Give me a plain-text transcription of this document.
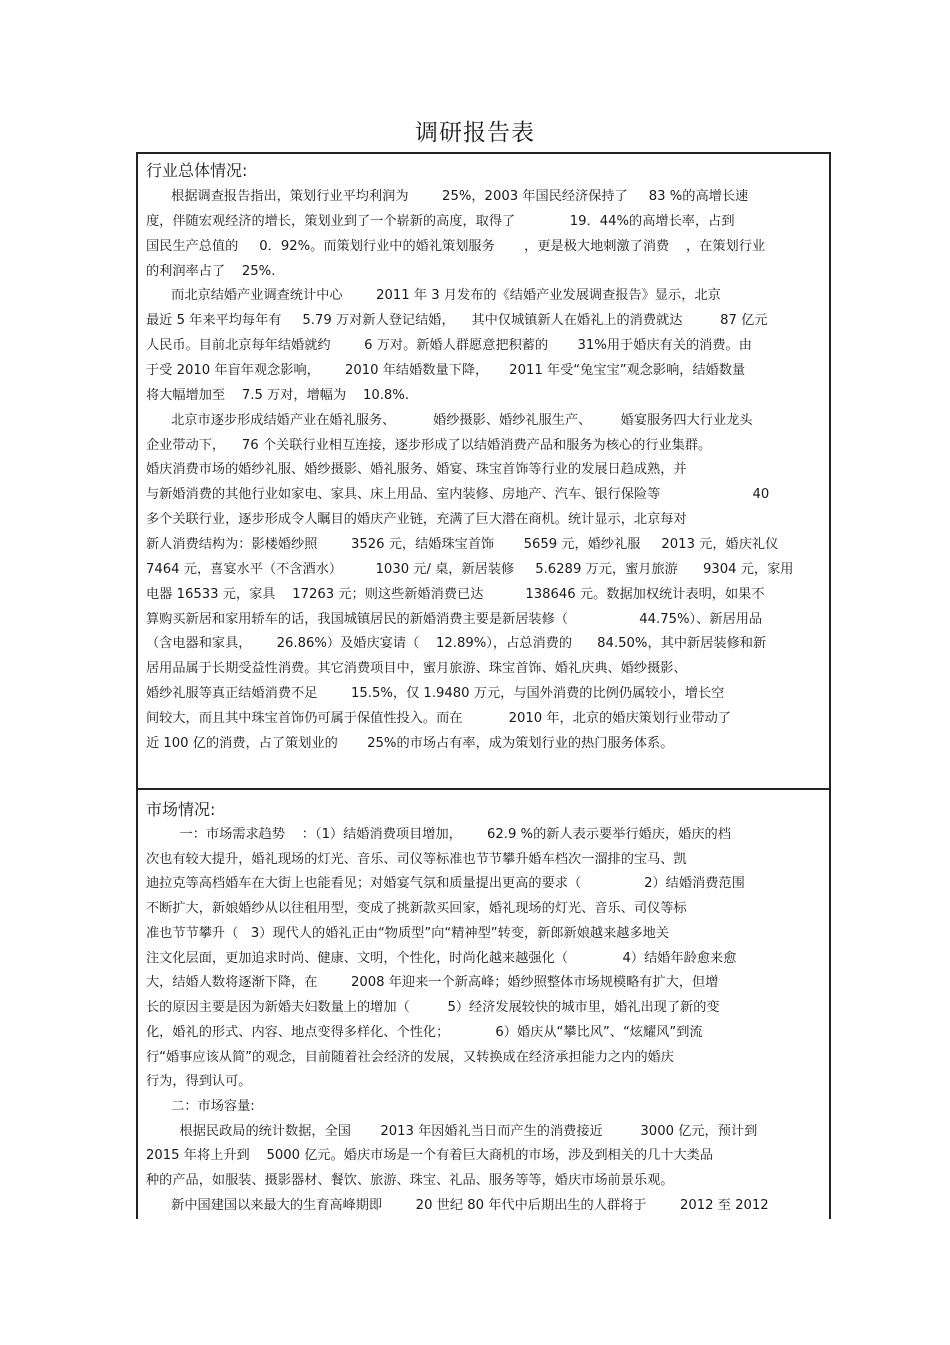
调研报告表
行业总体情况:
根据调查报告指出，策划行业平均利润为        25%，2003 年国民经济保持了     83 %的高增长速
度，伴随宏观经济的增长，策划业到了一个崭新的高度，取得了             19．44%的高增长率，占到
国民生产总值的     0．92%。而策划行业中的婚礼策划服务       ，更是极大地刺激了消费    ，在策划行业
的利润率占了    25%.
而北京结婚产业调查统计中心        2011 年 3 月发布的《结婚产业发展调查报告》显示，北京
最近 5 年来平均每年有     5.79 万对新人登记结婚，    其中仅城镇新人在婚礼上的消费就达         87 亿元
人民币。目前北京每年结婚就约        6 万对。新婚人群愿意把积蓄的       31%用于婚庆有关的消费。由
于受 2010 年盲年观念影响，      2010 年结婚数量下降，     2011 年受“兔宝宝”观念影响，结婚数量
将大幅增加至    7.5 万对，增幅为    10.8%.
北京市逐步形成结婚产业在婚礼服务、         婚纱摄影、婚纱礼服生产、       婚宴服务四大行业龙头
企业带动下，    76 个关联行业相互连接，逐步形成了以结婚消费产品和服务为核心的行业集群。
婚庆消费市场的婚纱礼服、婚纱摄影、婚礼服务、婚宴、珠宝首饰等行业的发展日趋成熟，并
与新婚消费的其他行业如家电、家具、床上用品、室内装修、房地产、汽车、银行保险等                      40
多个关联行业，逐步形成令人瞩目的婚庆产业链，充满了巨大潜在商机。统计显示，北京每对
新人消费结构为：影楼婚纱照        3526 元，结婚珠宝首饰       5659 元，婚纱礼服     2013 元，婚庆礼仪
7464 元，喜宴水平（不含酒水）        1030 元/ 桌，新居装修     5.6289 万元，蜜月旅游      9304 元，家用
电器 16533 元，家具    17263 元；则这些新婚消费已达          138646 元。数据加权统计表明，如果不
算购买新居和家用轿车的话，我国城镇居民的新婚消费主要是新居装修（                 44.75%）、新居用品
（含电器和家具，      26.86%）及婚庆宴请（    12.89%），占总消费的      84.50%，其中新居装修和新
居用品属于长期受益性消费。其它消费项目中，蜜月旅游、珠宝首饰、婚礼庆典、婚纱摄影、
婚纱礼服等真正结婚消费不足        15.5%，仅 1.9480 万元，与国外消费的比例仍属较小，增长空
间较大，而且其中珠宝首饰仍可属于保值性投入。而在           2010 年，北京的婚庆策划行业带动了
近 100 亿的消费，占了策划业的       25%的市场占有率，成为策划行业的热门服务体系。
市场情况:
一：市场需求趋势    ：（1）结婚消费项目增加，      62.9 %的新人表示要举行婚庆，婚庆的档
次也有较大提升，婚礼现场的灯光、音乐、司仪等标准也节节攀升婚车档次一溜排的宝马、凯
迪拉克等高档婚车在大街上也能看见；对婚宴气氛和质量提出更高的要求（               2）结婚消费范围
不断扩大，新娘婚纱从以往租用型，变成了挑新款买回家，婚礼现场的灯光、音乐、司仪等标
准也节节攀升（   3）现代人的婚礼正由“物质型”向“精神型”转变，新郎新娘越来越多地关
注文化层面，更加追求时尚、健康、文明，个性化，时尚化越来越强化（             4）结婚年龄愈来愈
大，结婚人数将逐渐下降，在        2008 年迎来一个新高峰；婚纱照整体市场规模略有扩大，但增
长的原因主要是因为新婚夫妇数量上的增加（         5）经济发展较快的城市里，婚礼出现了新的变
化，婚礼的形式、内容、地点变得多样化、个性化；           6）婚庆从“攀比风”、“炫耀风”到流
行“婚事应该从简”的观念，目前随着社会经济的发展，又转换成在经济承担能力之内的婚庆
行为，得到认可。
二：市场容量:
根据民政局的统计数据，全国       2013 年因婚礼当日而产生的消费接近         3000 亿元，预计到
2015 年将上升到    5000 亿元。婚庆市场是一个有着巨大商机的市场，涉及到相关的几十大类品
种的产品，如服装、摄影器材、餐饮、旅游、珠宝、礼品、服务等等，婚庆市场前景乐观。
新中国建国以来最大的生育高峰期即        20 世纪 80 年代中后期出生的人群将于        2012 至 2012
